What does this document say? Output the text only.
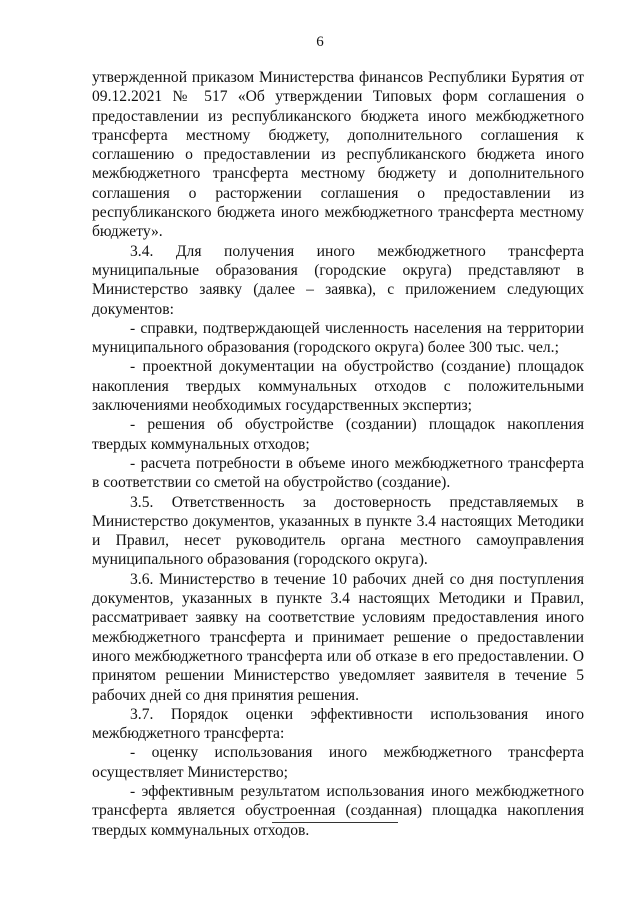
6

утвержденной приказом Министерства финансов Республики Бурятия от 09.12.2021 № 517 «Об утверждении Типовых форм соглашения о предоставлении из республиканского бюджета иного межбюджетного трансферта местному бюджету, дополнительного соглашения к соглашению о предоставлении из республиканского бюджета иного межбюджетного трансферта местному бюджету и дополнительного соглашения о расторжении соглашения о предоставлении из республиканского бюджета иного межбюджетного трансферта местному бюджету».

3.4. Для получения иного межбюджетного трансферта муниципальные образования (городские округа) представляют в Министерство заявку (далее – заявка), с приложением следующих документов:

- справки, подтверждающей численность населения на территории муниципального образования (городского округа) более 300 тыс. чел.;

- проектной документации на обустройство (создание) площадок накопления твердых коммунальных отходов с положительными заключениями необходимых государственных экспертиз;

- решения об обустройстве (создании) площадок накопления твердых коммунальных отходов;

- расчета потребности в объеме иного межбюджетного трансферта в соответствии со сметой на обустройство (создание).

3.5. Ответственность за достоверность представляемых в Министерство документов, указанных в пункте 3.4 настоящих Методики и Правил, несет руководитель органа местного самоуправления муниципального образования (городского округа).

3.6. Министерство в течение 10 рабочих дней со дня поступления документов, указанных в пункте 3.4 настоящих Методики и Правил, рассматривает заявку на соответствие условиям предоставления иного межбюджетного трансферта и принимает решение о предоставлении иного межбюджетного трансферта или об отказе в его предоставлении. О принятом решении Министерство уведомляет заявителя в течение 5 рабочих дней со дня принятия решения.

3.7. Порядок оценки эффективности использования иного межбюджетного трансферта:

- оценку использования иного межбюджетного трансферта осуществляет Министерство;

- эффективным результатом использования иного межбюджетного трансферта является обустроенная (созданная) площадка накопления твердых коммунальных отходов.
